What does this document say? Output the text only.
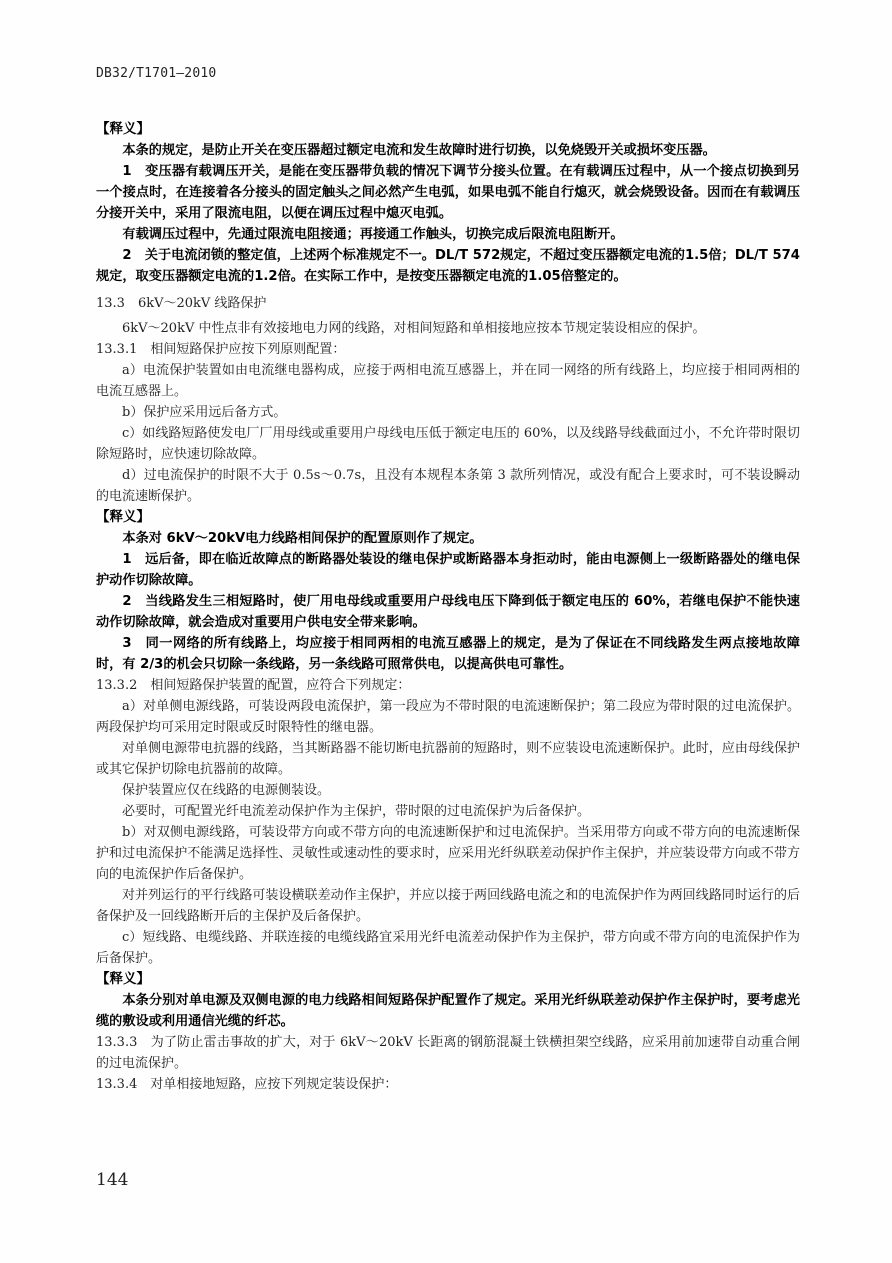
DB32/T1701—2010

【释义】

本条的规定，是防止开关在变压器超过额定电流和发生故障时进行切换，以免烧毁开关或损坏变压器。

1　变压器有载调压开关，是能在变压器带负载的情况下调节分接头位置。在有载调压过程中，从一个接点切换到另一个接点时，在连接着各分接头的固定触头之间必然产生电弧，如果电弧不能自行熄灭，就会烧毁设备。因而在有载调压分接开关中，采用了限流电阻，以便在调压过程中熄灭电弧。

有载调压过程中，先通过限流电阻接通；再接通工作触头，切换完成后限流电阻断开。

2　关于电流闭锁的整定值，上述两个标准规定不一。DL/T 572规定，不超过变压器额定电流的1.5倍；DL/T 574规定，取变压器额定电流的1.2倍。在实际工作中，是按变压器额定电流的1.05倍整定的。

13.3　6kV～20kV 线路保护

6kV～20kV 中性点非有效接地电力网的线路，对相间短路和单相接地应按本节规定装设相应的保护。

13.3.1　相间短路保护应按下列原则配置：

a）电流保护装置如由电流继电器构成，应接于两相电流互感器上，并在同一网络的所有线路上，均应接于相同两相的电流互感器上。

b）保护应采用远后备方式。

c）如线路短路使发电厂厂用母线或重要用户母线电压低于额定电压的 60%，以及线路导线截面过小，不允许带时限切除短路时，应快速切除故障。

d）过电流保护的时限不大于 0.5s～0.7s，且没有本规程本条第 3 款所列情况，或没有配合上要求时，可不装设瞬动的电流速断保护。

【释义】

本条对 6kV～20kV电力线路相间保护的配置原则作了规定。

1　远后备，即在临近故障点的断路器处装设的继电保护或断路器本身拒动时，能由电源侧上一级断路器处的继电保护动作切除故障。

2　当线路发生三相短路时，使厂用电母线或重要用户母线电压下降到低于额定电压的 60%，若继电保护不能快速动作切除故障，就会造成对重要用户供电安全带来影响。

3　同一网络的所有线路上，均应接于相同两相的电流互感器上的规定，是为了保证在不同线路发生两点接地故障时，有 2/3的机会只切除一条线路，另一条线路可照常供电，以提高供电可靠性。

13.3.2　相间短路保护装置的配置，应符合下列规定：

a）对单侧电源线路，可装设两段电流保护，第一段应为不带时限的电流速断保护；第二段应为带时限的过电流保护。两段保护均可采用定时限或反时限特性的继电器。

对单侧电源带电抗器的线路，当其断路器不能切断电抗器前的短路时，则不应装设电流速断保护。此时，应由母线保护或其它保护切除电抗器前的故障。

保护装置应仅在线路的电源侧装设。

必要时，可配置光纤电流差动保护作为主保护，带时限的过电流保护为后备保护。

b）对双侧电源线路，可装设带方向或不带方向的电流速断保护和过电流保护。当采用带方向或不带方向的电流速断保护和过电流保护不能满足选择性、灵敏性或速动性的要求时，应采用光纤纵联差动保护作主保护，并应装设带方向或不带方向的电流保护作后备保护。

对并列运行的平行线路可装设横联差动作主保护，并应以接于两回线路电流之和的电流保护作为两回线路同时运行的后备保护及一回线路断开后的主保护及后备保护。

c）短线路、电缆线路、并联连接的电缆线路宜采用光纤电流差动保护作为主保护，带方向或不带方向的电流保护作为后备保护。

【释义】

本条分别对单电源及双侧电源的电力线路相间短路保护配置作了规定。采用光纤纵联差动保护作主保护时，要考虑光缆的敷设或利用通信光缆的纤芯。

13.3.3　为了防止雷击事故的扩大，对于 6kV～20kV 长距离的钢筋混凝土铁横担架空线路，应采用前加速带自动重合闸的过电流保护。

13.3.4　对单相接地短路，应按下列规定装设保护：

144
